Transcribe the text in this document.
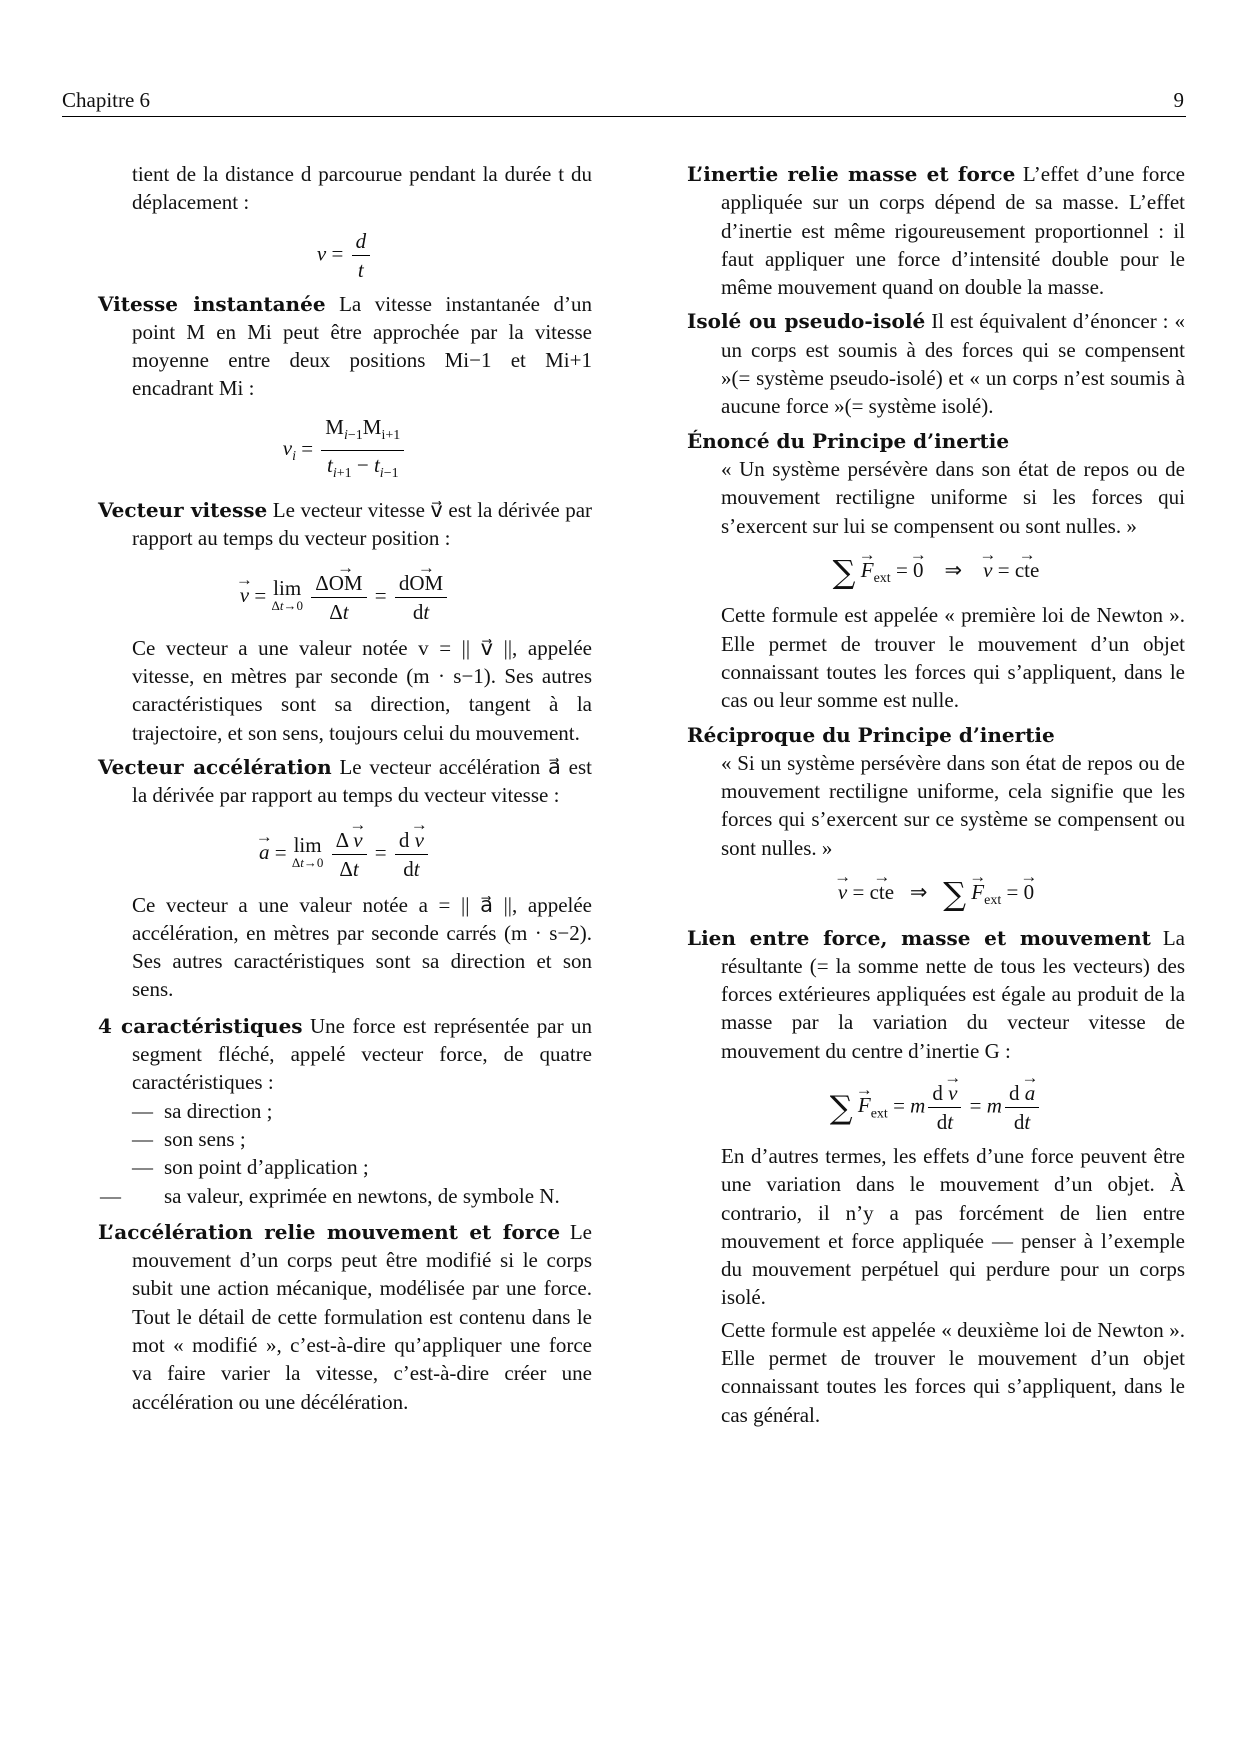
Chapitre 6	9

tient de la distance d parcourue pendant la durée t du déplacement :

$v = \frac{d}{t}$

Vitesse instantanée La vitesse instantanée d’un point M en Mi peut être approchée par la vitesse moyenne entre deux positions Mi−1 et Mi+1 encadrant Mi :

$v_i = \frac{M_{i-1}M_{i+1}}{t_{i+1} - t_{i-1}}$

Vecteur vitesse Le vecteur vitesse v⃗ est la dérivée par rapport au temps du vecteur position :

→ v = lim
Δt→0
$\frac{\Delta\to OM}{\Delta t} = \frac{d\to OM}{dt}$

Ce vecteur a une valeur notée v = || v⃗ ||, appelée vitesse, en mètres par seconde (m · s−1). Ses autres caractéristiques sont sa direction, tangent à la trajectoire, et son sens, toujours celui du mouvement.

Vecteur accélération Le vecteur accélération a⃗ est la dérivée par rapport au temps du vecteur vitesse :

→ a = lim
Δt→0
$\frac{\Delta \to v}{\Delta t} = \frac{d \to v}{dt}$

Ce vecteur a une valeur notée a = || a⃗ ||, appelée accélération, en mètres par seconde carrés (m · s−2). Ses autres caractéristiques sont sa direction et son sens.

4 caractéristiques Une force est représentée par un segment fléché, appelé vecteur force, de quatre caractéristiques :

— sa direction ;
— son sens ;
— son point d’application ;
— sa valeur, exprimée en newtons, de symbole N.

L’accélération relie mouvement et force Le mouvement d’un corps peut être modifié si le corps subit une action mécanique, modélisée par une force. Tout le détail de cette formulation est contenu dans le mot « modifié », c’est-à-dire qu’appliquer une force va faire varier la vitesse, c’est-à-dire créer une accélération ou une décélération.

L’inertie relie masse et force L’effet d’une force appliquée sur un corps dépend de sa masse. L’effet d’inertie est même rigoureusement proportionnel : il faut appliquer une force d’intensité double pour le même mouvement quand on double la masse.

Isolé ou pseudo-isolé Il est équivalent d’énoncer : « un corps est soumis à des forces qui se compensent »(= système pseudo-isolé) et « un corps n’est soumis à aucune force »(= système isolé).

Énoncé du Principe d’inertie

« Un système persévère dans son état de repos ou de mouvement rectiligne uniforme si les forces qui s’exercent sur lui se compensent ou sont nulles. »

∑ → $F_{ext}$ = → 0    ⇒    → v = → cte

Cette formule est appelée « première loi de Newton ». Elle permet de trouver le mouvement d’un objet connaissant toutes les forces qui s’appliquent, dans le cas ou leur somme est nulle.

Réciproque du Principe d’inertie

« Si un système persévère dans son état de repos ou de mouvement rectiligne uniforme, cela signifie que les forces qui s’exercent sur ce système se compensent ou sont nulles. »

→ v = → cte   ⇒   ∑ → $F_{ext}$ = → 0

Lien entre force, masse et mouvement La résultante (= la somme nette de tous les vecteurs) des forces extérieures appliquées est égale au produit de la masse par la variation du vecteur vitesse de mouvement du centre d’inertie G :

∑ → $F_{ext} = m \frac{d \to v}{dt} = m \frac{d \to a}{dt}$

En d’autres termes, les effets d’une force peuvent être une variation dans le mouvement d’un objet. À contrario, il n’y a pas forcément de lien entre mouvement et force appliquée — penser à l’exemple du mouvement perpétuel qui perdure pour un corps isolé.

Cette formule est appelée « deuxième loi de Newton ». Elle permet de trouver le mouvement d’un objet connaissant toutes les forces qui s’appliquent, dans le cas général.
